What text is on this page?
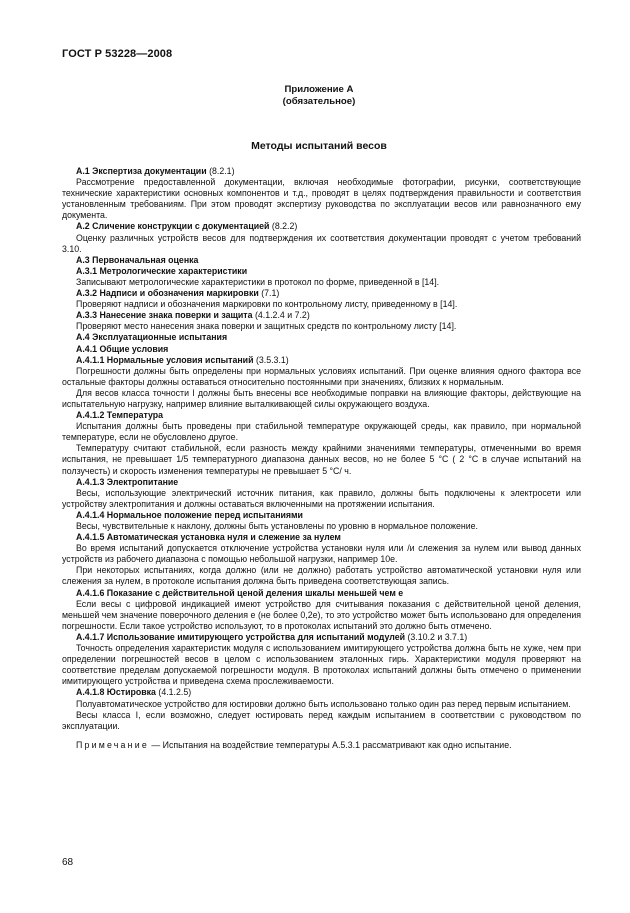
ГОСТ Р 53228—2008
Приложение А
(обязательное)
Методы испытаний весов

А.1 Экспертиза документации (8.2.1)

Рассмотрение предоставленной документации, включая необходимые фотографии, рисунки, соответствующие технические характеристики основных компонентов и т.д., проводят в целях подтверждения правильности и соответствия установленным требованиям. При этом проводят экспертизу руководства по эксплуатации весов или равнозначного ему документа.

А.2 Сличение конструкции с документацией (8.2.2)

Оценку различных устройств весов для подтверждения их соответствия документации проводят с учетом требований 3.10.

А.3 Первоначальная оценка

А.3.1 Метрологические характеристики

Записывают метрологические характеристики в протокол по форме, приведенной в [14].

А.3.2 Надписи и обозначения маркировки (7.1)

Проверяют надписи и обозначения маркировки по контрольному листу, приведенному в [14].

А.3.3 Нанесение знака поверки и защита (4.1.2.4 и 7.2)

Проверяют место нанесения знака поверки и защитных средств по контрольному листу [14].

А.4 Эксплуатационные испытания

А.4.1 Общие условия

А.4.1.1 Нормальные условия испытаний (3.5.3.1)

Погрешности должны быть определены при нормальных условиях испытаний. При оценке влияния одного фактора все остальные факторы должны оставаться относительно постоянными при значениях, близких к нормальным.

Для весов класса точности I должны быть внесены все необходимые поправки на влияющие факторы, действующие на испытательную нагрузку, например влияние выталкивающей силы окружающего воздуха.

А.4.1.2 Температура

Испытания должны быть проведены при стабильной температуре окружающей среды, как правило, при нормальной температуре, если не обусловлено другое.

Температуру считают стабильной, если разность между крайними значениями температуры, отмеченными во время испытания, не превышает 1/5 температурного диапазона данных весов, но не более 5 °С ( 2 °С в случае испытаний на ползучесть) и скорость изменения температуры не превышает 5 °С/ ч.

А.4.1.3 Электропитание

Весы, использующие электрический источник питания, как правило, должны быть подключены к электросети или устройству электропитания и должны оставаться включенными на протяжении испытания.

А.4.1.4 Нормальное положение перед испытаниями

Весы, чувствительные к наклону, должны быть установлены по уровню в нормальное положение.

А.4.1.5 Автоматическая установка нуля и слежение за нулем

Во время испытаний допускается отключение устройства установки нуля или /и слежения за нулем или вывод данных устройств из рабочего диапазона с помощью небольшой нагрузки, например 10е.

При некоторых испытаниях, когда должно (или не должно) работать устройство автоматической установки нуля или слежения за нулем, в протоколе испытания должна быть приведена соответствующая запись.

А.4.1.6 Показание с действительной ценой деления шкалы меньшей чем е

Если весы с цифровой индикацией имеют устройство для считывания показания с действительной ценой деления, меньшей чем значение поверочного деления е (не более 0,2е), то это устройство может быть использовано для определения погрешности. Если такое устройство используют, то в протоколах испытаний это должно быть отмечено.

А.4.1.7 Использование имитирующего устройства для испытаний модулей (3.10.2 и 3.7.1)

Точность определения характеристик модуля с использованием имитирующего устройства должна быть не хуже, чем при определении погрешностей весов в целом с использованием эталонных гирь. Характеристики модуля проверяют на соответствие пределам допускаемой погрешности модуля. В протоколах испытаний должны быть отмечено о применении имитирующего устройства и приведена схема прослеживаемости.

А.4.1.8 Юстировка (4.1.2.5)

Полуавтоматическое устройство для юстировки должно быть использовано только один раз перед первым испытанием.

Весы класса I, если возможно, следует юстировать перед каждым испытанием в соответствии с руководством по эксплуатации.

Примечание — Испытания на воздействие температуры А.5.3.1 рассматривают как одно испытание.

68
